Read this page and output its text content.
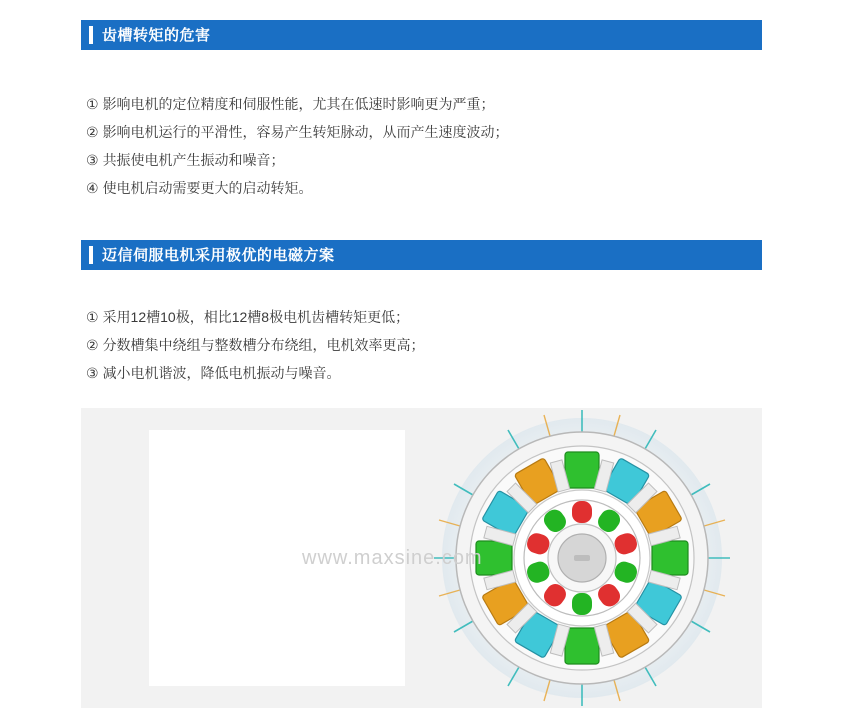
齿槽转矩的危害
① 影响电机的定位精度和伺服性能，尤其在低速时影响更为严重；
② 影响电机运行的平滑性，容易产生转矩脉动，从而产生速度波动；
③ 共振使电机产生振动和噪音；
④ 使电机启动需要更大的启动转矩。
迈信伺服电机采用极优的电磁方案
① 采用12槽10极，相比12槽8极电机齿槽转矩更低；
② 分数槽集中绕组与整数槽分布绕组，电机效率更高；
③ 减小电机谐波，降低电机振动与噪音。
www.maxsine.com
